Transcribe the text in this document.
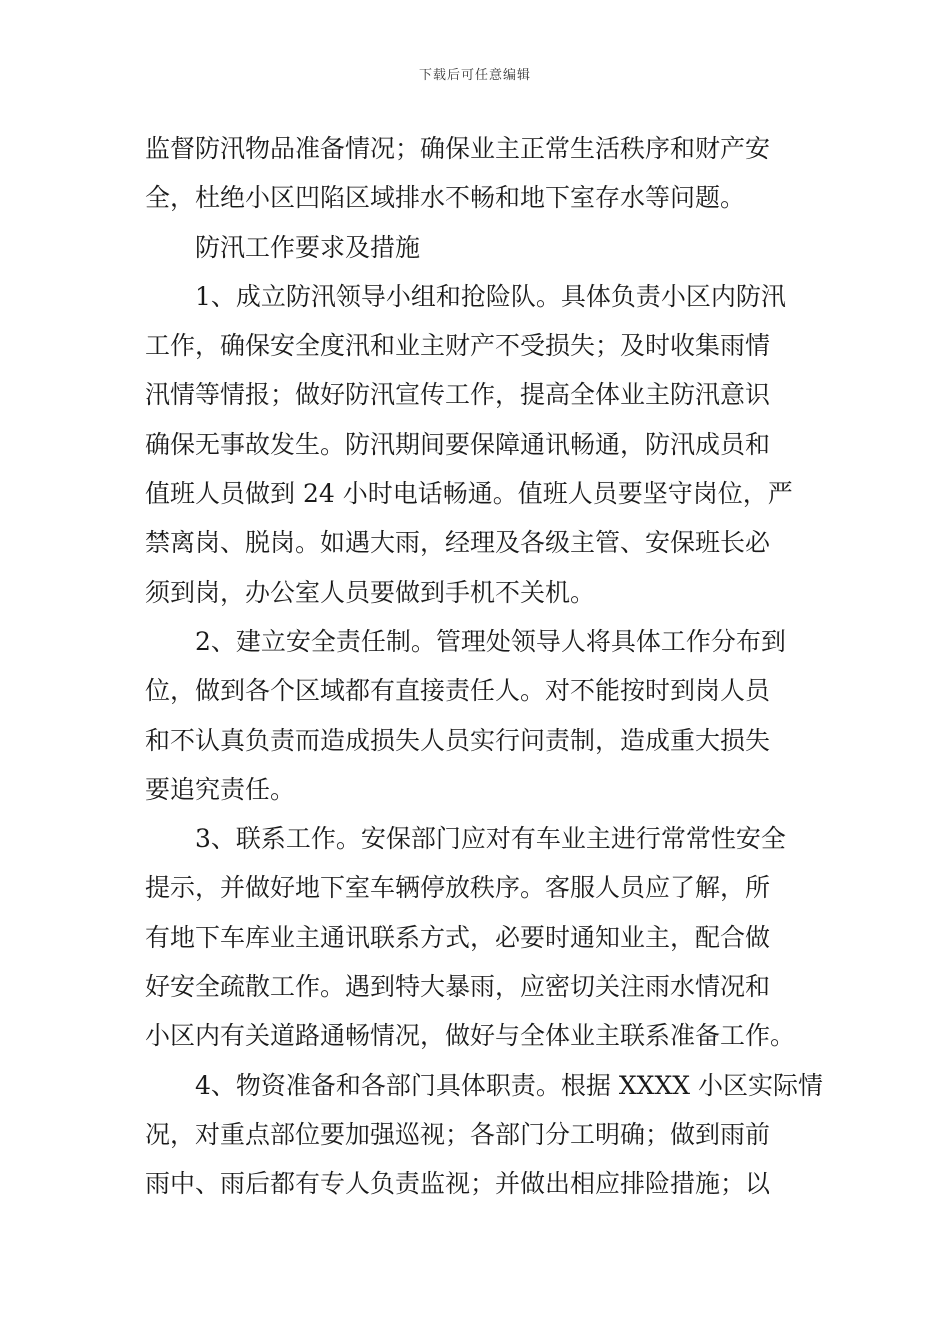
下载后可任意编辑
监督防汛物品准备情况；确保业主正常生活秩序和财产安
全，杜绝小区凹陷区域排水不畅和地下室存水等问题。
防汛工作要求及措施
1、成立防汛领导小组和抢险队。具体负责小区内防汛
工作，确保安全度汛和业主财产不受损失；及时收集雨情
汛情等情报；做好防汛宣传工作，提高全体业主防汛意识
确保无事故发生。防汛期间要保障通讯畅通，防汛成员和
值班人员做到 24 小时电话畅通。值班人员要坚守岗位，严
禁离岗、脱岗。如遇大雨，经理及各级主管、安保班长必
须到岗，办公室人员要做到手机不关机。
2、建立安全责任制。管理处领导人将具体工作分布到
位，做到各个区域都有直接责任人。对不能按时到岗人员
和不认真负责而造成损失人员实行问责制，造成重大损失
要追究责任。
3、联系工作。安保部门应对有车业主进行常常性安全
提示，并做好地下室车辆停放秩序。客服人员应了解，所
有地下车库业主通讯联系方式，必要时通知业主，配合做
好安全疏散工作。遇到特大暴雨，应密切关注雨水情况和
小区内有关道路通畅情况，做好与全体业主联系准备工作。
4、物资准备和各部门具体职责。根据 XXXX 小区实际情
况，对重点部位要加强巡视；各部门分工明确；做到雨前
雨中、雨后都有专人负责监视；并做出相应排险措施；以
